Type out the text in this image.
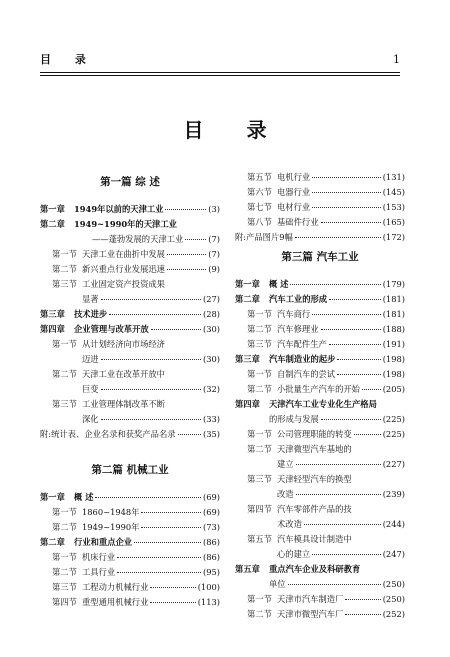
目 录	1
目 录
第一篇 综 述
第一章 1949年以前的天津工业	(3)
第二章 1949~1990年的天津工业
——蓬勃发展的天津工业	(7)
第一节 天津工业在曲折中发展	(7)
第二节 新兴重点行业发展迅速	(9)
第三节 工业固定资产投资成果
显著	(27)
第三章 技术进步	(28)
第四章 企业管理与改革开放	(30)
第一节 从计划经济向市场经济
迈进	(30)
第二节 天津工业在改革开放中
巨变	(32)
第三节 工业管理体制改革不断
深化	(33)
附:统计表、企业名录和获奖产品名录	(35)
第二篇 机械工业
第一章 概 述	(69)
第一节 1860~1948年	(69)
第二节 1949~1990年	(73)
第二章 行业和重点企业	(86)
第一节 机床行业	(86)
第二节 工具行业	(95)
第三节 工程动力机械行业	(100)
第四节 重型通用机械行业	(113)
第五节 电机行业	(131)
第六节 电器行业	(145)
第七节 电材行业	(153)
第八节 基础件行业	(165)
附:产品图片9幅	(172)
第三篇 汽车工业
第一章 概 述	(179)
第二章 汽车工业的形成	(181)
第一节 汽车商行	(181)
第二节 汽车修理业	(188)
第三节 汽车配件生产	(191)
第三章 汽车制造业的起步	(198)
第一节 自制汽车的尝试	(198)
第二节 小批量生产汽车的开始	(205)
第四章 天津汽车工业专业化生产格局
的形成与发展	(225)
第一节 公司管理职能的转变	(225)
第二节 天津微型汽车基地的
建立	(227)
第三节 天津轻型汽车的换型
改造	(239)
第四节 汽车零部件产品的技
术改造	(244)
第五节 汽车模具设计制造中
心的建立	(247)
第五章 重点汽车企业及科研教育
单位	(250)
第一节 天津市汽车制造厂	(250)
第二节 天津市微型汽车厂	(252)
